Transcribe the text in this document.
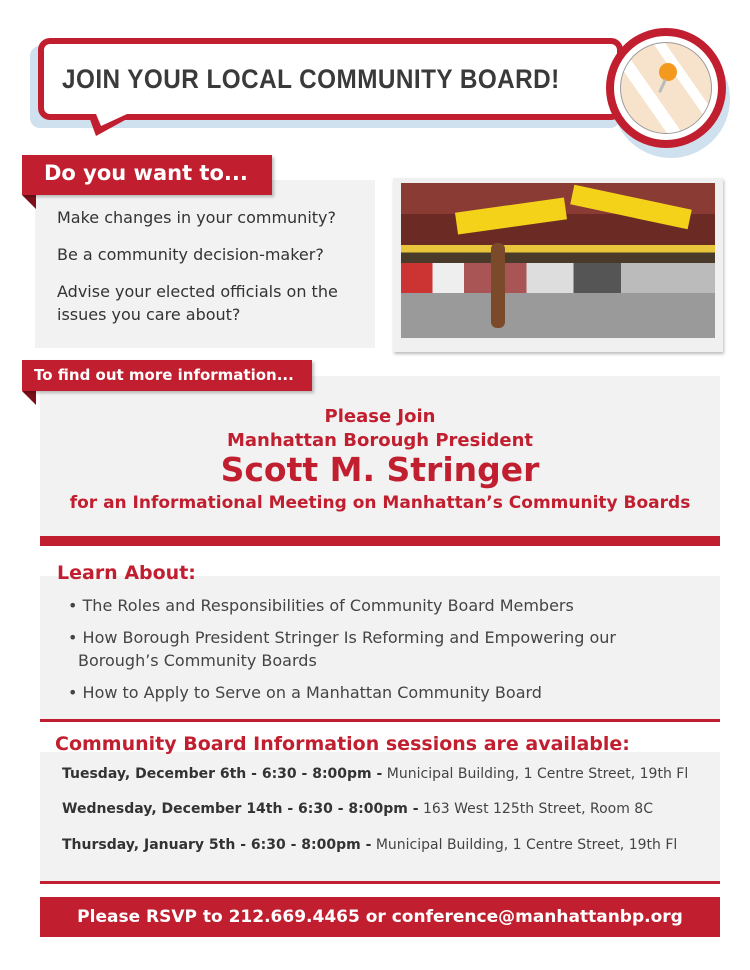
JOIN YOUR LOCAL COMMUNITY BOARD!
Make changes in your community?
Be a community decision-maker?
Advise your elected officials on the issues you care about?
Do you want to...
Please Join
Manhattan Borough President
Scott M. Stringer
for an Informational Meeting on Manhattan’s Community Boards
To find out more information...
• The Roles and Responsibilities of Community Board Members
• How Borough President Stringer Is Reforming and Empowering our Borough’s Community Boards
• How to Apply to Serve on a Manhattan Community Board
Learn About:
Tuesday, December 6th - 6:30 - 8:00pm - Municipal Building, 1 Centre Street, 19th Fl
Wednesday, December 14th - 6:30 - 8:00pm - 163 West 125th Street, Room 8C
Thursday, January 5th - 6:30 - 8:00pm - Municipal Building, 1 Centre Street, 19th Fl
Community Board Information sessions are available:
Please RSVP to 212.669.4465 or conference@manhattanbp.org
